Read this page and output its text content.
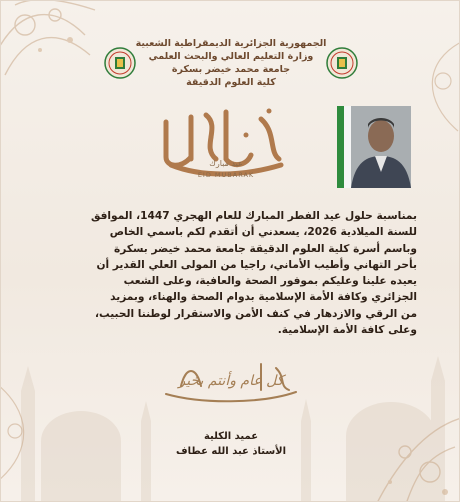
الجمهورية الجزائرية الديمقراطية الشعبية
وزارة التعليم العالي والبحث العلمي
جامعة محمد خيضر بسكرة
كلية العلوم الدقيقة
عيد مبارك
EID MUBARAK
بمناسبة حلول عيد الفطر المبارك للعام الهجري 1447، الموافق
للسنة الميلادية 2026، يسعدني أن أتقدم لكم باسمي الخاص
وباسم أسرة كلية العلوم الدقيقة جامعة محمد خيضر بسكرة
بأحر التهاني وأطيب الأماني، راجيا من المولى العلي القدير أن
يعيده علينا وعليكم بموفور الصحة والعافية، وعلى الشعب
الجزائري وكافة الأمة الإسلامية بدوام الصحة والهناء، وبمزيد
من الرقي والازدهار في كنف الأمن والاستقرار لوطننا الحبيب،
وعلى كافة الأمة الإسلامية.
كل عام وأنتم بخير
عميد الكلية
الأستاذ عبد الله عطاف
